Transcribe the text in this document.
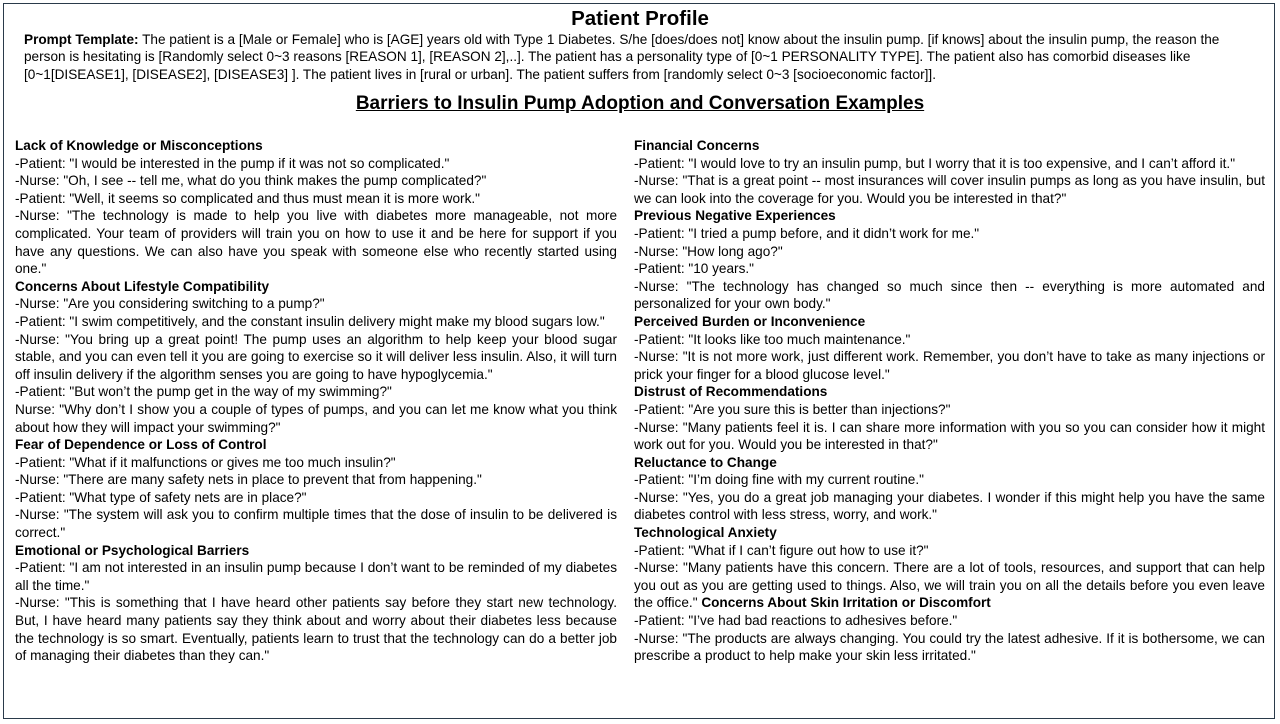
Patient Profile
Prompt Template: The patient is a [Male or Female] who is [AGE] years old with Type 1 Diabetes. S/he [does/does not] know about the insulin pump. [if knows] about the insulin pump, the reason the person is hesitating is [Randomly select 0~3 reasons [REASON 1], [REASON 2],..]. The patient has a personality type of [0~1 PERSONALITY TYPE]. The patient also has comorbid diseases like [0~1[DISEASE1], [DISEASE2], [DISEASE3] ]. The patient lives in [rural or urban]. The patient suffers from [randomly select 0~3 [socioeconomic factor]].
Barriers to Insulin Pump Adoption and Conversation Examples
Lack of Knowledge or Misconceptions
-Patient: "I would be interested in the pump if it was not so complicated."
-Nurse: "Oh, I see -- tell me, what do you think makes the pump complicated?"
-Patient: "Well, it seems so complicated and thus must mean it is more work."
-Nurse: "The technology is made to help you live with diabetes more manageable, not more complicated. Your team of providers will train you on how to use it and be here for support if you have any questions. We can also have you speak with someone else who recently started using one."
Concerns About Lifestyle Compatibility
-Nurse: "Are you considering switching to a pump?"
-Patient: "I swim competitively, and the constant insulin delivery might make my blood sugars low."
-Nurse: "You bring up a great point! The pump uses an algorithm to help keep your blood sugar stable, and you can even tell it you are going to exercise so it will deliver less insulin. Also, it will turn off insulin delivery if the algorithm senses you are going to have hypoglycemia."
-Patient: "But won’t the pump get in the way of my swimming?"
Nurse: "Why don’t I show you a couple of types of pumps, and you can let me know what you think about how they will impact your swimming?"
Fear of Dependence or Loss of Control
-Patient: "What if it malfunctions or gives me too much insulin?"
-Nurse: "There are many safety nets in place to prevent that from happening."
-Patient: "What type of safety nets are in place?"
-Nurse: "The system will ask you to confirm multiple times that the dose of insulin to be delivered is correct."
Emotional or Psychological Barriers
-Patient: "I am not interested in an insulin pump because I don’t want to be reminded of my diabetes all the time."
-Nurse: "This is something that I have heard other patients say before they start new technology. But, I have heard many patients say they think about and worry about their diabetes less because the technology is so smart. Eventually, patients learn to trust that the technology can do a better job of managing their diabetes than they can."
Financial Concerns
-Patient: "I would love to try an insulin pump, but I worry that it is too expensive, and I can’t afford it."
-Nurse: "That is a great point -- most insurances will cover insulin pumps as long as you have insulin, but we can look into the coverage for you. Would you be interested in that?"
Previous Negative Experiences
-Patient: "I tried a pump before, and it didn’t work for me."
-Nurse: "How long ago?"
-Patient: "10 years."
-Nurse: "The technology has changed so much since then -- everything is more automated and personalized for your own body."
Perceived Burden or Inconvenience
-Patient: "It looks like too much maintenance."
-Nurse: "It is not more work, just different work. Remember, you don’t have to take as many injections or prick your finger for a blood glucose level."
Distrust of Recommendations
-Patient: "Are you sure this is better than injections?"
-Nurse: "Many patients feel it is. I can share more information with you so you can consider how it might work out for you. Would you be interested in that?"
Reluctance to Change
-Patient: "I’m doing fine with my current routine."
-Nurse: "Yes, you do a great job managing your diabetes. I wonder if this might help you have the same diabetes control with less stress, worry, and work."
Technological Anxiety
-Patient: "What if I can’t figure out how to use it?"
-Nurse: "Many patients have this concern. There are a lot of tools, resources, and support that can help you out as you are getting used to things. Also, we will train you on all the details before you even leave the office." Concerns About Skin Irritation or Discomfort
-Patient: "I’ve had bad reactions to adhesives before."
-Nurse: "The products are always changing. You could try the latest adhesive. If it is bothersome, we can prescribe a product to help make your skin less irritated."
